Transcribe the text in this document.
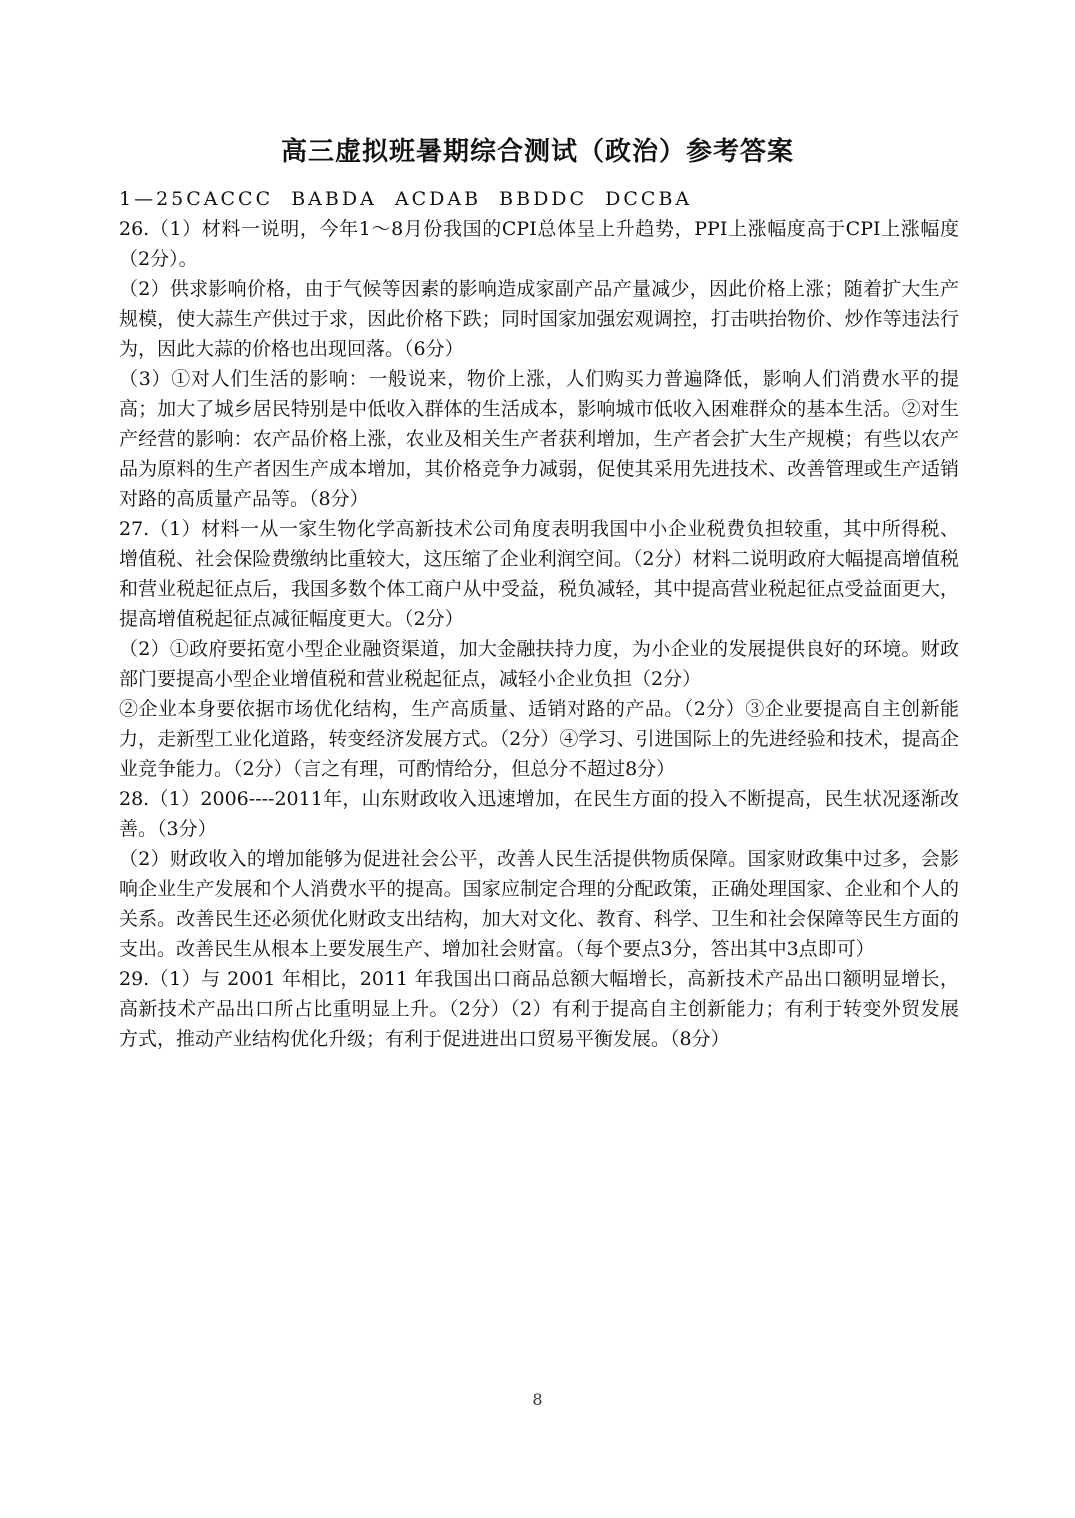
高三虚拟班暑期综合测试（政治）参考答案

1—25CACCC  BABDA  ACDAB  BBDDC  DCCBA

26.（1）材料一说明，今年1～8月份我国的CPI总体呈上升趋势，PPI上涨幅度高于CPI上涨幅度（2分）。

（2）供求影响价格，由于气候等因素的影响造成家副产品产量减少，因此价格上涨；随着扩大生产规模，使大蒜生产供过于求，因此价格下跌；同时国家加强宏观调控，打击哄抬物价、炒作等违法行为，因此大蒜的价格也出现回落。（6分）

（3）①对人们生活的影响：一般说来，物价上涨，人们购买力普遍降低，影响人们消费水平的提高；加大了城乡居民特别是中低收入群体的生活成本，影响城市低收入困难群众的基本生活。②对生产经营的影响：农产品价格上涨，农业及相关生产者获利增加，生产者会扩大生产规模；有些以农产品为原料的生产者因生产成本增加，其价格竞争力减弱，促使其采用先进技术、改善管理或生产适销对路的高质量产品等。（8分）

27.（1）材料一从一家生物化学高新技术公司角度表明我国中小企业税费负担较重，其中所得税、增值税、社会保险费缴纳比重较大，这压缩了企业利润空间。（2分）材料二说明政府大幅提高增值税和营业税起征点后，我国多数个体工商户从中受益，税负减轻，其中提高营业税起征点受益面更大，提高增值税起征点减征幅度更大。（2分）

（2）①政府要拓宽小型企业融资渠道，加大金融扶持力度，为小企业的发展提供良好的环境。财政部门要提高小型企业增值税和营业税起征点，减轻小企业负担（2分）

②企业本身要依据市场优化结构，生产高质量、适销对路的产品。（2分）③企业要提高自主创新能力，走新型工业化道路，转变经济发展方式。（2分）④学习、引进国际上的先进经验和技术，提高企业竞争能力。（2分）（言之有理，可酌情给分，但总分不超过8分）

28.（1）2006----2011年，山东财政收入迅速增加，在民生方面的投入不断提高，民生状况逐渐改善。（3分）

（2）财政收入的增加能够为促进社会公平，改善人民生活提供物质保障。国家财政集中过多，会影响企业生产发展和个人消费水平的提高。国家应制定合理的分配政策，正确处理国家、企业和个人的关系。改善民生还必须优化财政支出结构，加大对文化、教育、科学、卫生和社会保障等民生方面的支出。改善民生从根本上要发展生产、增加社会财富。（每个要点3分，答出其中3点即可）

29.（1）与 2001 年相比，2011 年我国出口商品总额大幅增长，高新技术产品出口额明显增长，高新技术产品出口所占比重明显上升。（2分）（2）有利于提高自主创新能力；有利于转变外贸发展方式，推动产业结构优化升级；有利于促进进出口贸易平衡发展。（8分）

8
